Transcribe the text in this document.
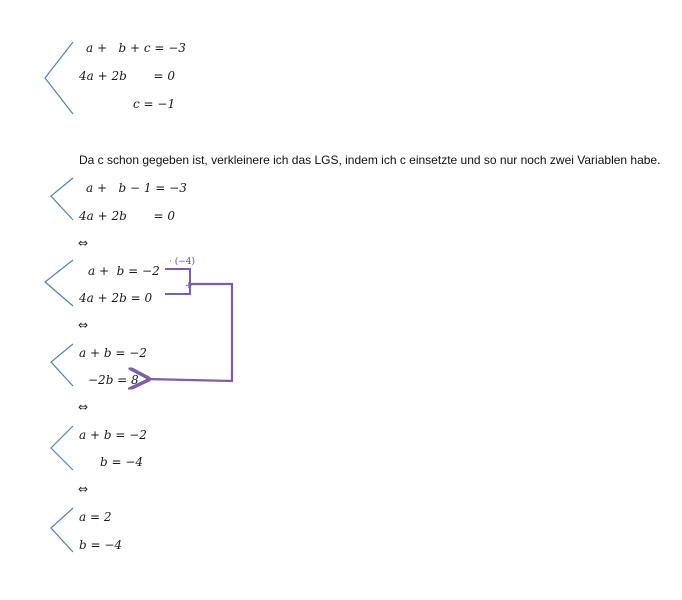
a +   b + c = −3
4a + 2b       = 0
c = −1
Da c schon gegeben ist, verkleinere ich das LGS, indem ich c einsetzte und so nur noch zwei Variablen habe.
a +   b − 1 = −3
4a + 2b       = 0
⇔
a +  b = −2
4a + 2b = 0
· (−4)
+
⇔
a + b = −2
−2b = 8
⇔
a + b = −2
b = −4
⇔
a = 2
b = −4
